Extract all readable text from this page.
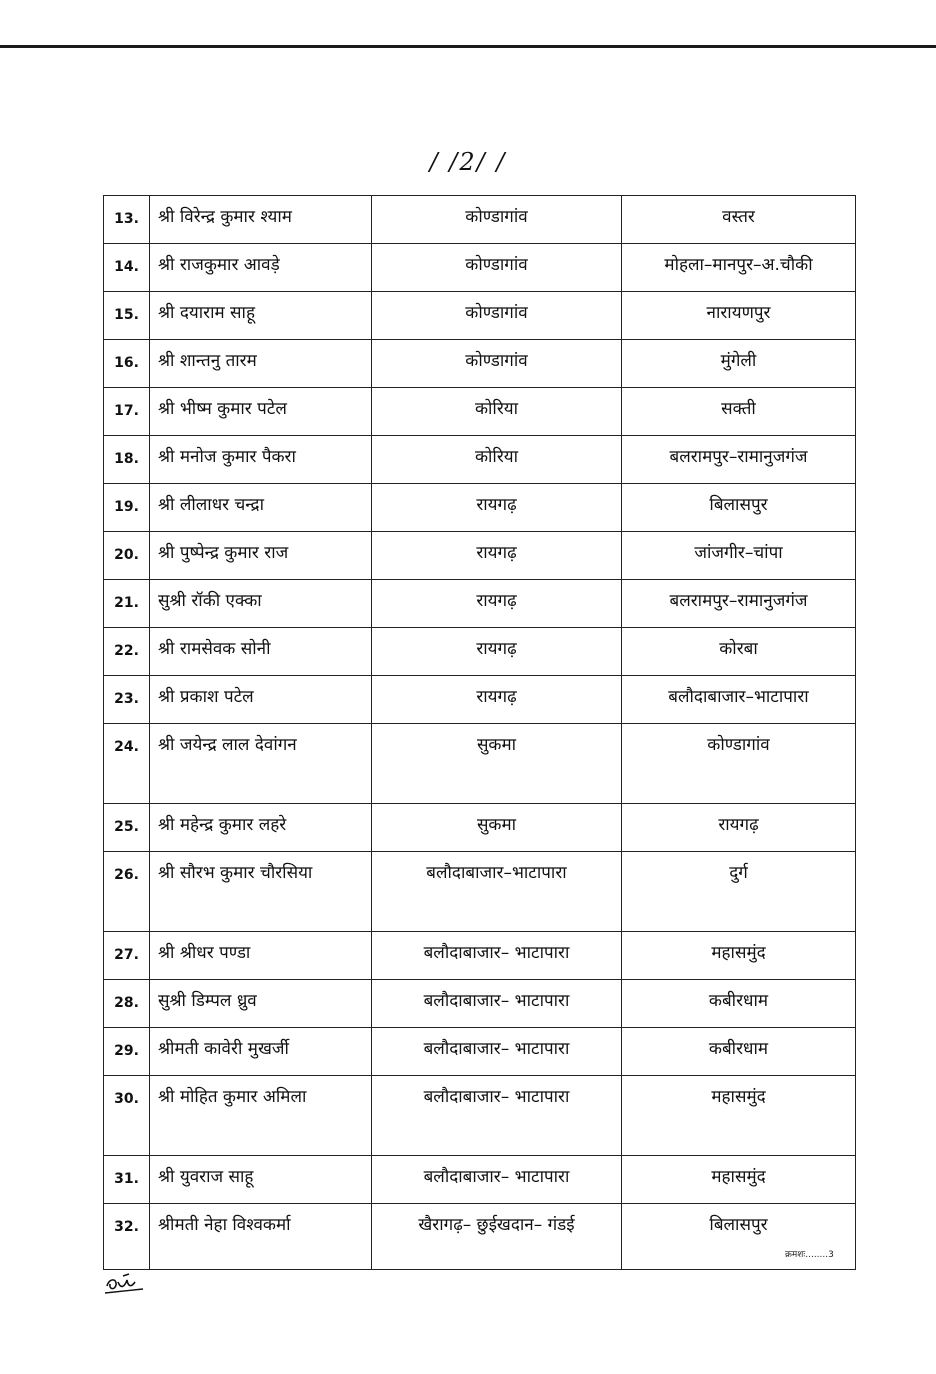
/ /2/ /
13.	श्री विरेन्द्र कुमार श्याम	कोण्डागांव	वस्तर
14.	श्री राजकुमार आवड़े	कोण्डागांव	मोहला–मानपुर–अ.चौकी
15.	श्री दयाराम साहू	कोण्डागांव	नारायणपुर
16.	श्री शान्तनु तारम	कोण्डागांव	मुंगेली
17.	श्री भीष्म कुमार पटेल	कोरिया	सक्ती
18.	श्री मनोज कुमार पैकरा	कोरिया	बलरामपुर–रामानुजगंज
19.	श्री लीलाधर चन्द्रा	रायगढ़	बिलासपुर
20.	श्री पुष्पेन्द्र कुमार राज	रायगढ़	जांजगीर–चांपा
21.	सुश्री रॉकी एक्का	रायगढ़	बलरामपुर–रामानुजगंज
22.	श्री रामसेवक सोनी	रायगढ़	कोरबा
23.	श्री प्रकाश पटेल	रायगढ़	बलौदाबाजार–भाटापारा
24.	श्री जयेन्द्र लाल देवांगन	सुकमा	कोण्डागांव
25.	श्री महेन्द्र कुमार लहरे	सुकमा	रायगढ़
26.	श्री सौरभ कुमार चौरसिया	बलौदाबाजार–भाटापारा	दुर्ग
27.	श्री श्रीधर पण्डा	बलौदाबाजार– भाटापारा	महासमुंद
28.	सुश्री डिम्पल ध्रुव	बलौदाबाजार– भाटापारा	कबीरधाम
29.	श्रीमती कावेरी मुखर्जी	बलौदाबाजार– भाटापारा	कबीरधाम
30.	श्री मोहित कुमार अमिला	बलौदाबाजार– भाटापारा	महासमुंद
31.	श्री युवराज साहू	बलौदाबाजार– भाटापारा	महासमुंद
32.	श्रीमती नेहा विश्वकर्मा	खैरागढ़– छुईखदान– गंडई	बिलासपुर
क्रमशः........3
